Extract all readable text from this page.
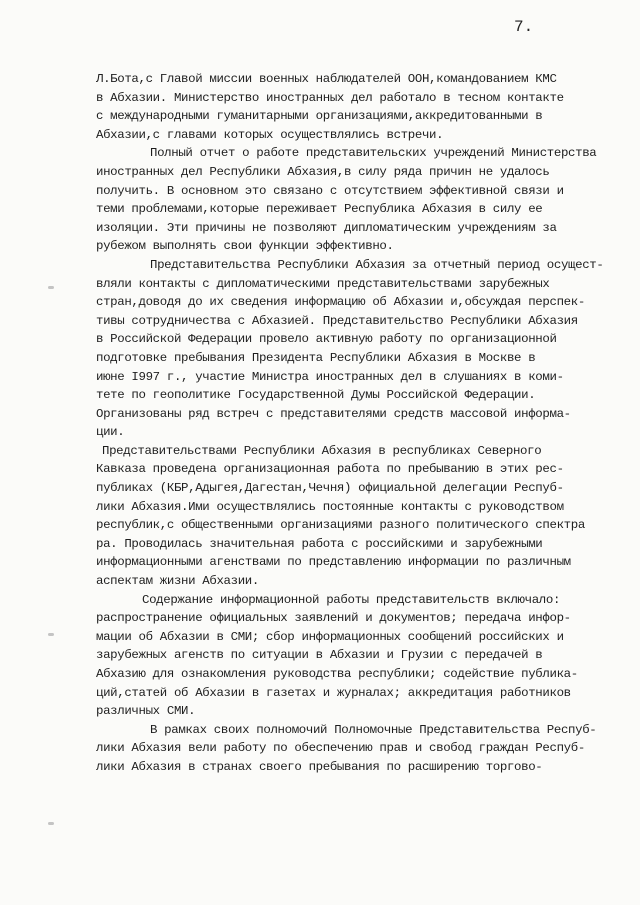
7.

Л.Бота,с Главой миссии военных наблюдателей ООН,командованием КМС
в Абхазии. Министерство иностранных дел работало в тесном контакте
с международными гуманитарными организациями,аккредитованными в
Абхазии,с главами которых осуществлялись встречи.

Полный отчет о работе представительских учреждений Министерства
иностранных дел Республики Абхазия,в силу ряда причин не удалось
получить. В основном это связано с отсутствием эффективной связи и
теми проблемами,которые переживает Республика Абхазия в силу ее
изоляции. Эти причины не позволяют дипломатическим учреждениям за
рубежом выполнять свои функции эффективно.

Представительства Республики Абхазия за отчетный период осущест-
вляли контакты с дипломатическими представительствами зарубежных
стран,доводя до их сведения информацию об Абхазии и,обсуждая перспек-
тивы сотрудничества с Абхазией. Представительство Республики Абхазия
в Российской Федерации провело активную работу по организационной
подготовке пребывания Президента Республики Абхазия в Москве в
июне I997 г., участие Министра иностранных дел в слушаниях в коми-
тете по геополитике Государственной Думы Российской Федерации.
Организованы ряд встреч с представителями средств массовой информа-
ции.

Представительствами Республики Абхазия в республиках Северного
Кавказа проведена организационная работа по пребыванию в этих рес-
публиках (КБР,Адыгея,Дагестан,Чечня) официальной делегации Респуб-
лики Абхазия.Ими осуществлялись постоянные контакты с руководством
республик,с общественными организациями разного политического спектра
ра. Проводилась значительная работа с российскими и зарубежными
информационными агенствами по представлению информации по различным
аспектам жизни Абхазии.

Содержание информационной работы представительств включало:
распространение официальных заявлений и документов; передача инфор-
мации об Абхазии в СМИ; сбор информационных сообщений российских и
зарубежных агенств по ситуации в Абхазии и Грузии с передачей в
Абхазию для ознакомления руководства республики; содействие публика-
ций,статей об Абхазии в газетах и журналах; аккредитация работников
различных СМИ.

В рамках своих полномочий Полномочные Представительства Респуб-
лики Абхазия вели работу по обеспечению прав и свобод граждан Респуб-
лики Абхазия в странах своего пребывания по расширению торгово-
